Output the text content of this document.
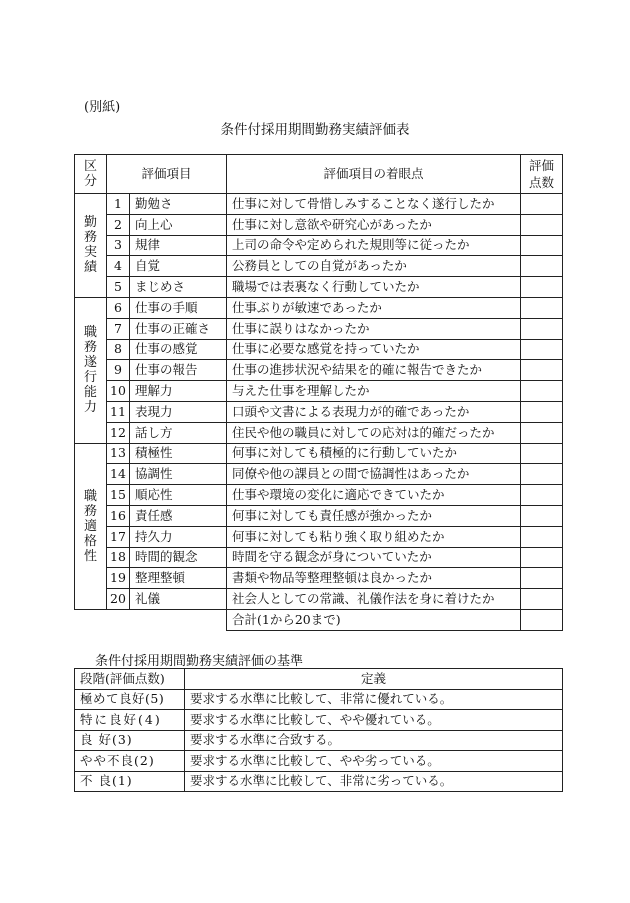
(別紙)
条件付採用期間勤務実績評価表
区分	評価項目		評価項目の着眼点	評価点数
勤務実績	1	勤勉さ	仕事に対して骨惜しみすることなく遂行したか	
	2	向上心	仕事に対し意欲や研究心があったか	
	3	規律	上司の命令や定められた規則等に従ったか	
	4	自覚	公務員としての自覚があったか	
	5	まじめさ	職場では表裏なく行動していたか	
職務遂行能力	6	仕事の手順	仕事ぶりが敏速であったか	
	7	仕事の正確さ	仕事に誤りはなかったか	
	8	仕事の感覚	仕事に必要な感覚を持っていたか	
	9	仕事の報告	仕事の進捗状況や結果を的確に報告できたか	
	10	理解力	与えた仕事を理解したか	
	11	表現力	口頭や文書による表現力が的確であったか	
	12	話し方	住民や他の職員に対しての応対は的確だったか	
職務適格性	13	積極性	何事に対しても積極的に行動していたか	
	14	協調性	同僚や他の課員との間で協調性はあったか	
	15	順応性	仕事や環境の変化に適応できていたか	
	16	責任感	何事に対しても責任感が強かったか	
	17	持久力	何事に対しても粘り強く取り組めたか	
	18	時間的観念	時間を守る観念が身についていたか	
	19	整理整頓	書類や物品等整理整頓は良かったか	
	20	礼儀	社会人としての常識、礼儀作法を身に着けたか	
			合計(1から20まで)	
条件付採用期間勤務実績評価の基準
段階(評価点数)	定義
極めて良好(5)	要求する水準に比較して、非常に優れている。
特に良好(4)	要求する水準に比較して、やや優れている。
良 好(3)	要求する水準に合致する。
やや不良(2)	要求する水準に比較して、やや劣っている。
不 良(1)	要求する水準に比較して、非常に劣っている。
